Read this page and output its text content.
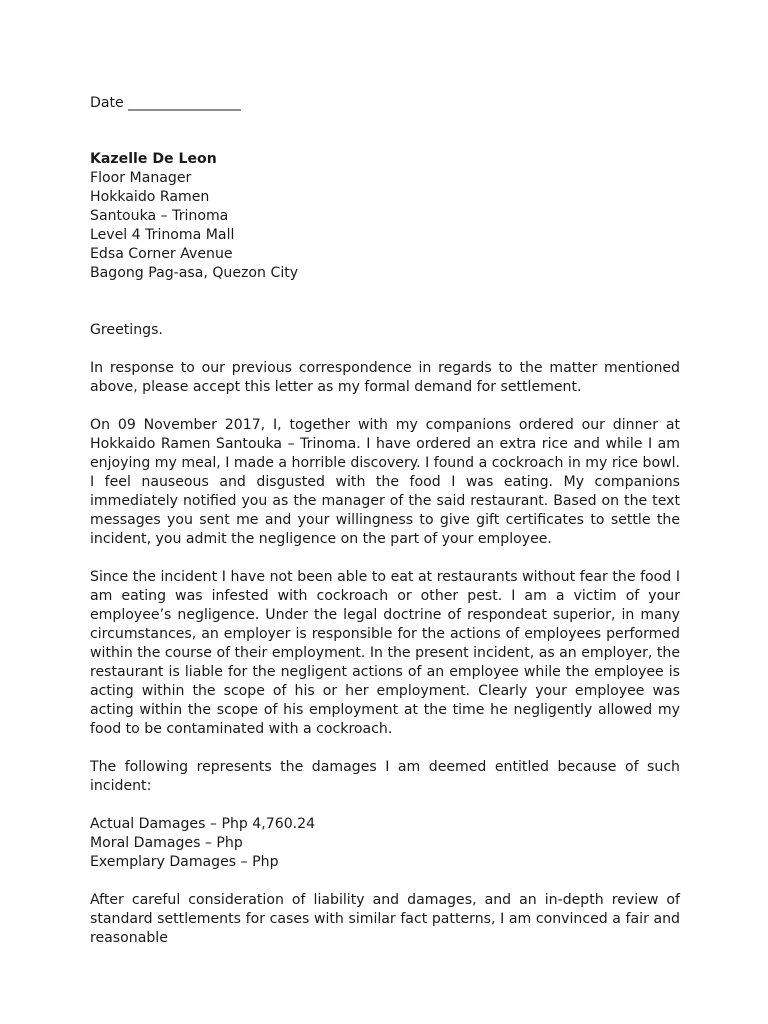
Date ________________
Kazelle De Leon
Floor Manager
Hokkaido Ramen
Santouka – Trinoma
Level 4 Trinoma Mall
Edsa Corner Avenue
Bagong Pag-asa, Quezon City
Greetings.
In response to our previous correspondence in regards to the matter mentioned above, please accept this letter as my formal demand for settlement.
On 09 November 2017, I, together with my companions ordered our dinner at Hokkaido Ramen Santouka – Trinoma. I have ordered an extra rice and while I am enjoying my meal, I made a horrible discovery. I found a cockroach in my rice bowl. I feel nauseous and disgusted with the food I was eating. My companions immediately notified you as the manager of the said restaurant. Based on the text messages you sent me and your willingness to give gift certificates to settle the incident, you admit the negligence on the part of your employee.
Since the incident I have not been able to eat at restaurants without fear the food I am eating was infested with cockroach or other pest. I am a victim of your employee’s negligence. Under the legal doctrine of respondeat superior, in many circumstances, an employer is responsible for the actions of employees performed within the course of their employment. In the present incident, as an employer, the restaurant is liable for the negligent actions of an employee while the employee is acting within the scope of his or her employment. Clearly your employee was acting within the scope of his employment at the time he negligently allowed my food to be contaminated with a cockroach.
The following represents the damages I am deemed entitled because of such incident:
Actual Damages – Php 4,760.24
Moral Damages – Php
Exemplary Damages – Php
After careful consideration of liability and damages, and an in-depth review of standard settlements for cases with similar fact patterns, I am convinced a fair and reasonable
